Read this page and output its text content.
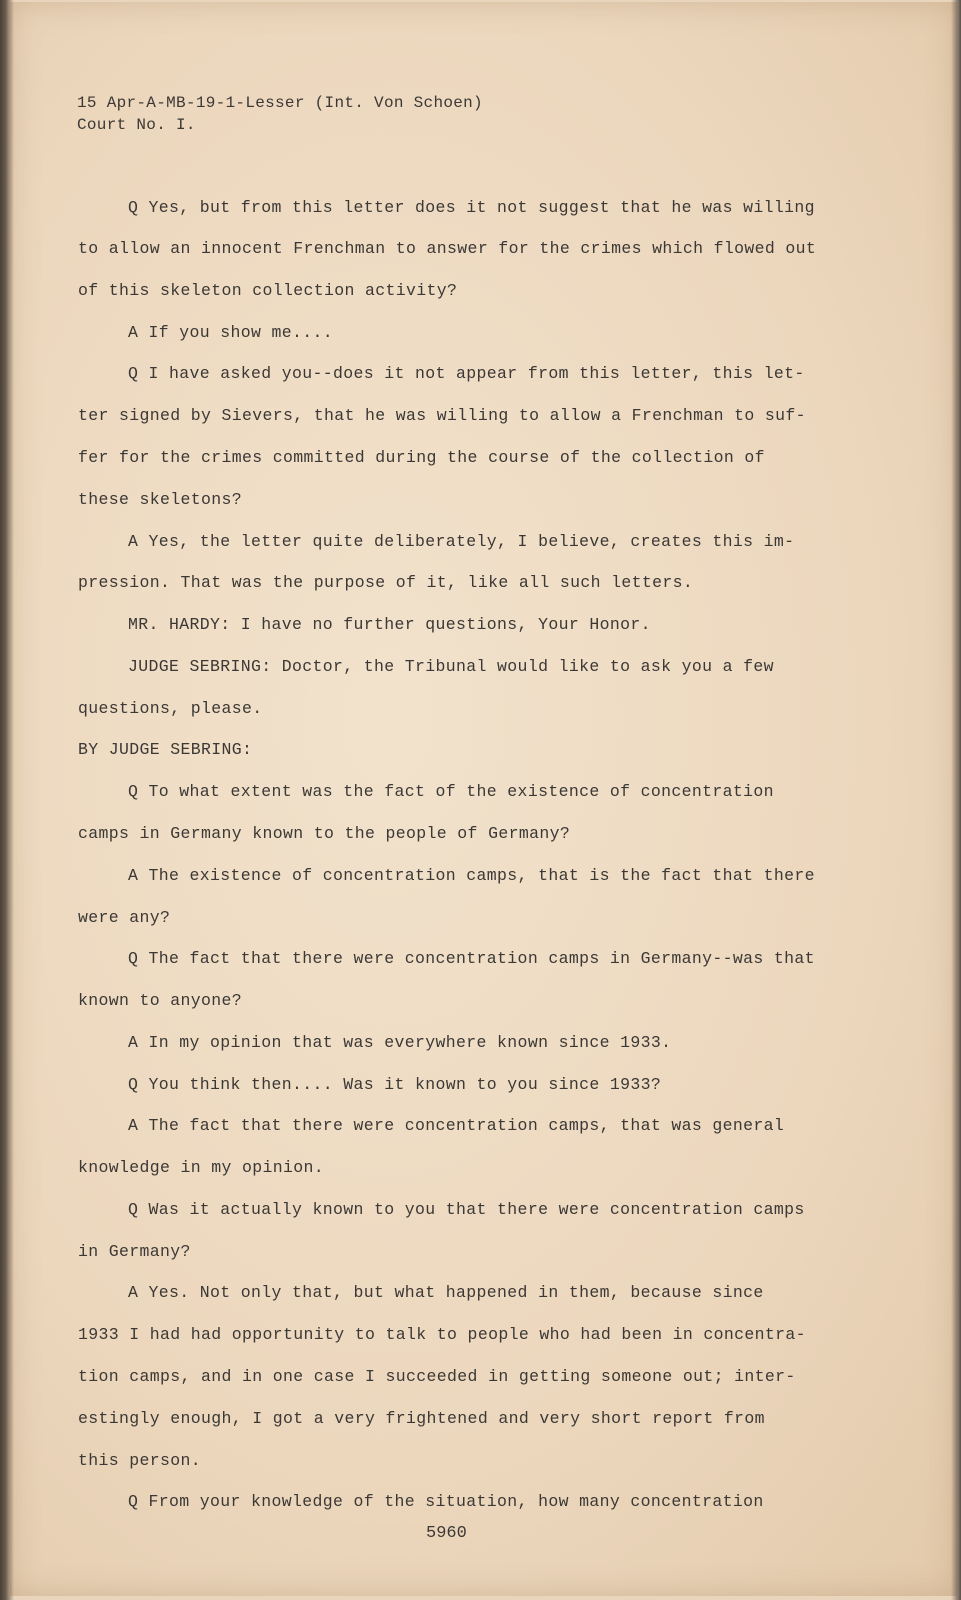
15 Apr-A-MB-19-1-Lesser (Int. Von Schoen)
Court No. I.
Q Yes, but from this letter does it not suggest that he was willing
to allow an innocent Frenchman to answer for the crimes which flowed out
of this skeleton collection activity?
A If you show me....
Q I have asked you--does it not appear from this letter, this let-
ter signed by Sievers, that he was willing to allow a Frenchman to suf-
fer for the crimes committed during the course of the collection of
these skeletons?
A Yes, the letter quite deliberately, I believe, creates this im-
pression. That was the purpose of it, like all such letters.
MR. HARDY: I have no further questions, Your Honor.
JUDGE SEBRING: Doctor, the Tribunal would like to ask you a few
questions, please.
BY JUDGE SEBRING:
Q To what extent was the fact of the existence of concentration
camps in Germany known to the people of Germany?
A The existence of concentration camps, that is the fact that there
were any?
Q The fact that there were concentration camps in Germany--was that
known to anyone?
A In my opinion that was everywhere known since 1933.
Q You think then.... Was it known to you since 1933?
A The fact that there were concentration camps, that was general
knowledge in my opinion.
Q Was it actually known to you that there were concentration camps
in Germany?
A Yes. Not only that, but what happened in them, because since
1933 I had had opportunity to talk to people who had been in concentra-
tion camps, and in one case I succeeded in getting someone out; inter-
estingly enough, I got a very frightened and very short report from
this person.
Q From your knowledge of the situation, how many concentration
5960
